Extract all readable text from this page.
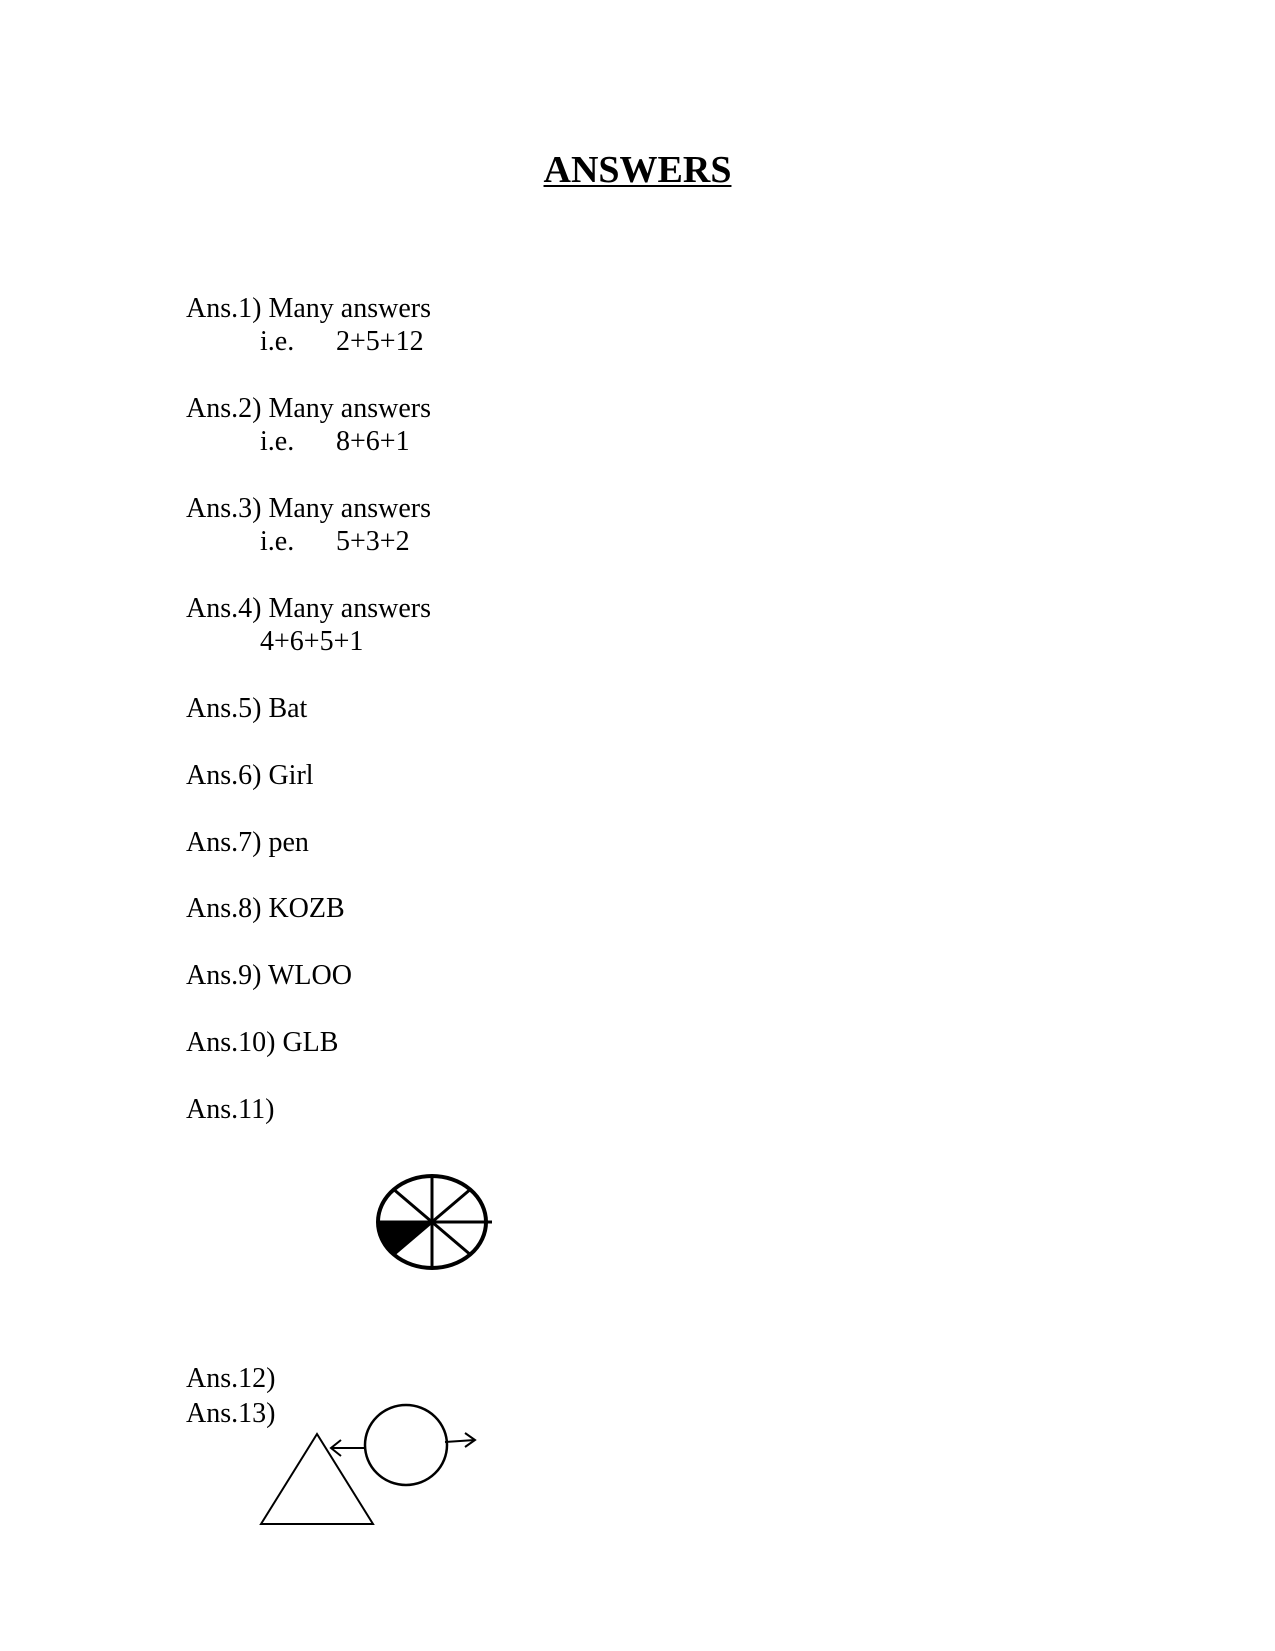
ANSWERS
Ans.1) Many answers
i.e. 2+5+12
Ans.2) Many answers
i.e. 8+6+1
Ans.3) Many answers
i.e. 5+3+2
Ans.4) Many answers
4+6+5+1
Ans.5) Bat
Ans.6) Girl
Ans.7) pen
Ans.8) KOZB
Ans.9) WLOO
Ans.10) GLB
Ans.11)
Ans.12)
Ans.13)
